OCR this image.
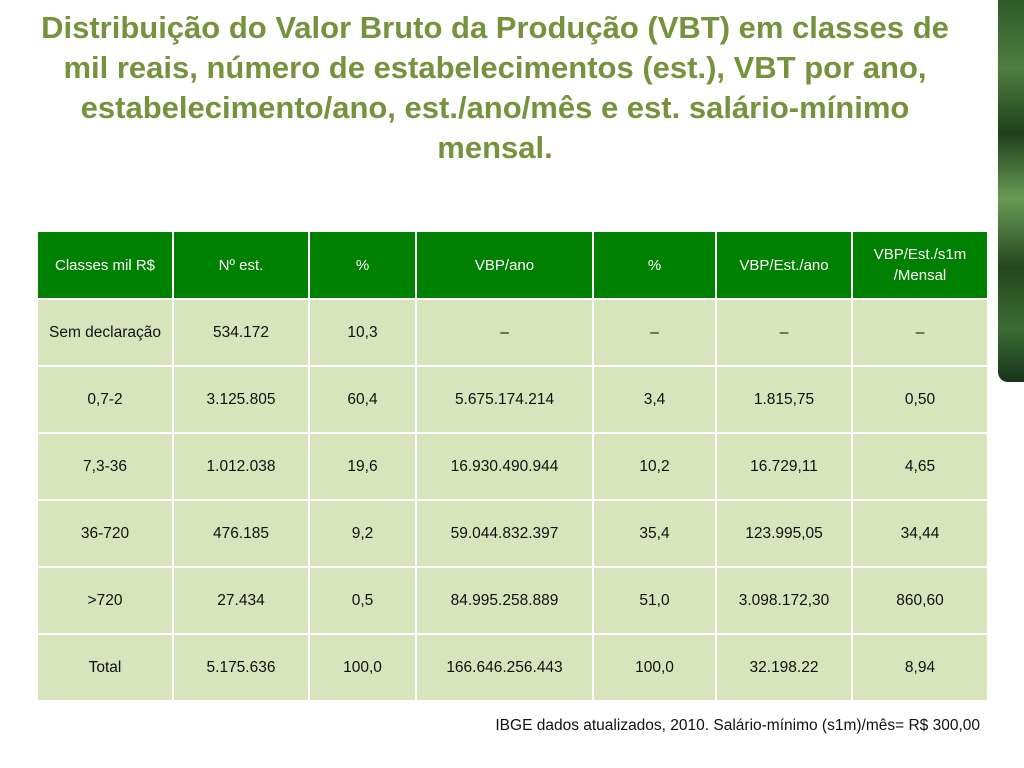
Distribuição do Valor Bruto da Produção (VBT) em classes de mil reais, número de estabelecimentos (est.), VBT por ano, estabelecimento/ano, est./ano/mês e est. salário-mínimo mensal.
Classes mil R$	Nº est.	%	VBP/ano	%	VBP/Est./ano	VBP/Est./s1m /Mensal
Sem declaração	534.172	10,3	–	–	–	–
0,7-2	3.125.805	60,4	5.675.174.214	3,4	1.815,75	0,50
7,3-36	1.012.038	19,6	16.930.490.944	10,2	16.729,11	4,65
36-720	476.185	9,2	59.044.832.397	35,4	123.995,05	34,44
>720	27.434	0,5	84.995.258.889	51,0	3.098.172,30	860,60
Total	5.175.636	100,0	166.646.256.443	100,0	32.198.22	8,94
IBGE dados atualizados, 2010. Salário-mínimo (s1m)/mês= R$ 300,00
